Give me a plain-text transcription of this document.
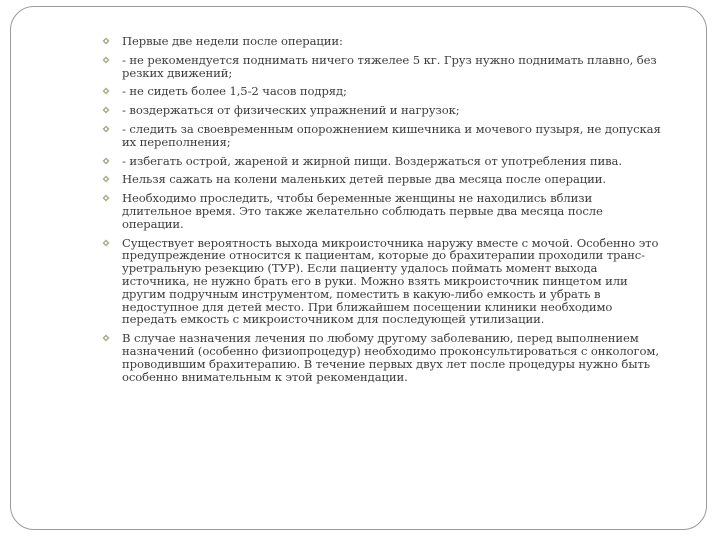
Первые две недели после операции:
- не рекомендуется поднимать ничего тяжелее 5 кг. Груз нужно поднимать плавно, без резких движений;
- не сидеть более 1,5-2 часов подряд;
- воздержаться от физических упражнений и нагрузок;
- следить за своевременным опорожнением кишечника и мочевого пузыря, не допуская их переполнения;
- избегать острой, жареной и жирной пищи. Воздержаться от употребления пива.
Нельзя сажать на колени маленьких детей первые два месяца после операции.
Необходимо проследить, чтобы беременные женщины не находились вблизи длительное время. Это также желательно соблюдать первые два месяца после операции.
Существует вероятность выхода микроисточника наружу вместе с мочой. Особенно это предупреждение относится к пациентам, которые до брахитерапии проходили транс-уретральную резекцию (ТУР). Если пациенту удалось поймать момент выхода источника, не нужно брать его в руки. Можно взять микроисточник пинцетом или другим подручным инструментом, поместить в какую-либо емкость и убрать в недоступное для детей место. При ближайшем посещении клиники необходимо передать емкость с микроисточником для последующей утилизации.
В случае назначения лечения по любому другому заболеванию, перед выполнением назначений (особенно физиопроцедур) необходимо проконсультироваться с онкологом, проводившим брахитерапию. В течение первых двух лет после процедуры нужно быть особенно внимательным к этой рекомендации.
